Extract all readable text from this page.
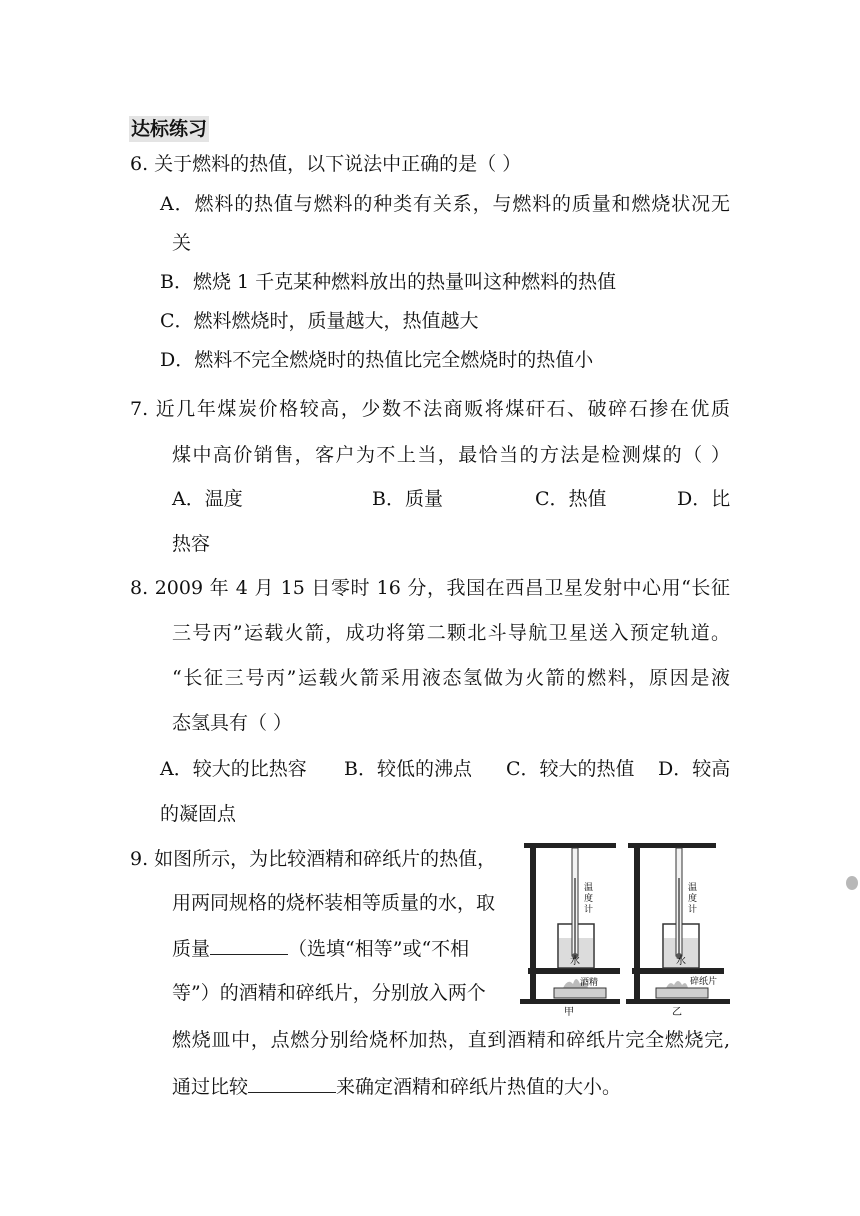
达标练习
6. 关于燃料的热值，以下说法中正确的是（ ）
A．燃料的热值与燃料的种类有关系，与燃料的质量和燃烧状况无
关
B．燃烧 1 千克某种燃料放出的热量叫这种燃料的热值
C．燃料燃烧时，质量越大，热值越大
D．燃料不完全燃烧时的热值比完全燃烧时的热值小
7. 近几年煤炭价格较高，少数不法商贩将煤矸石、破碎石掺在优质
煤中高价销售，客户为不上当，最恰当的方法是检测煤的（ ）
A．温度	B．质量	C．热值	D．比
热容
8. 2009 年 4 月 15 日零时 16 分，我国在西昌卫星发射中心用“长征
三号丙”运载火箭，成功将第二颗北斗导航卫星送入预定轨道。
“长征三号丙”运载火箭采用液态氢做为火箭的燃料，原因是液
态氢具有（ ）
A．较大的比热容 B．较低的沸点 C．较大的热值 D．较高
的凝固点
9. 如图所示，为比较酒精和碎纸片的热值，
用两同规格的烧杯装相等质量的水，取
质量	（选填“相等”或“不相
等”）的酒精和碎纸片，分别放入两个
燃烧皿中，点燃分别给烧杯加热，直到酒精和碎纸片完全燃烧完,
通过比较	来确定酒精和碎纸片热值的大小。
温
度
计
水
酒精
甲
温
度
计
水
碎纸片
乙
